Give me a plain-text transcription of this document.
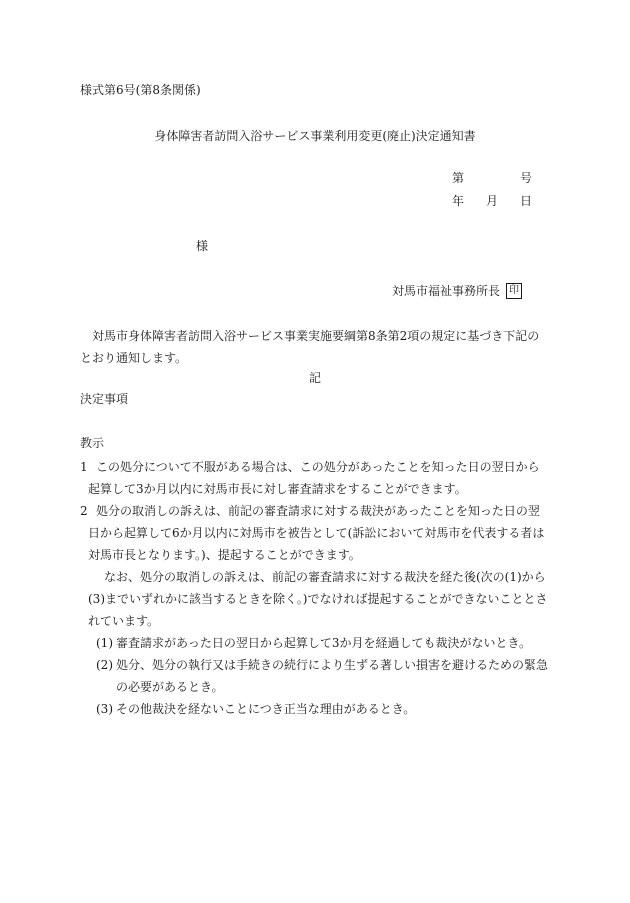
様式第6号(第8条関係)
身体障害者訪問入浴サービス事業利用変更(廃止)決定通知書
第	号
年 月 日
様
対馬市福祉事務所長 印
対馬市身体障害者訪問入浴サービス事業実施要綱第8条第2項の規定に基づき下記のとおり通知します。
記
決定事項
教示
1 この処分について不服がある場合は、この処分があったことを知った日の翌日から起算して3か月以内に対馬市長に対し審査請求をすることができます。
2 処分の取消しの訴えは、前記の審査請求に対する裁決があったことを知った日の翌日から起算して6か月以内に対馬市を被告として(訴訟において対馬市を代表する者は対馬市長となります。)、提起することができます。
なお、処分の取消しの訴えは、前記の審査請求に対する裁決を経た後(次の(1)から(3)までいずれかに該当するときを除く。)でなければ提起することができないこととされています。
(1) 審査請求があった日の翌日から起算して3か月を経過しても裁決がないとき。
(2) 処分、処分の執行又は手続きの続行により生ずる著しい損害を避けるための緊急の必要があるとき。
(3) その他裁決を経ないことにつき正当な理由があるとき。
